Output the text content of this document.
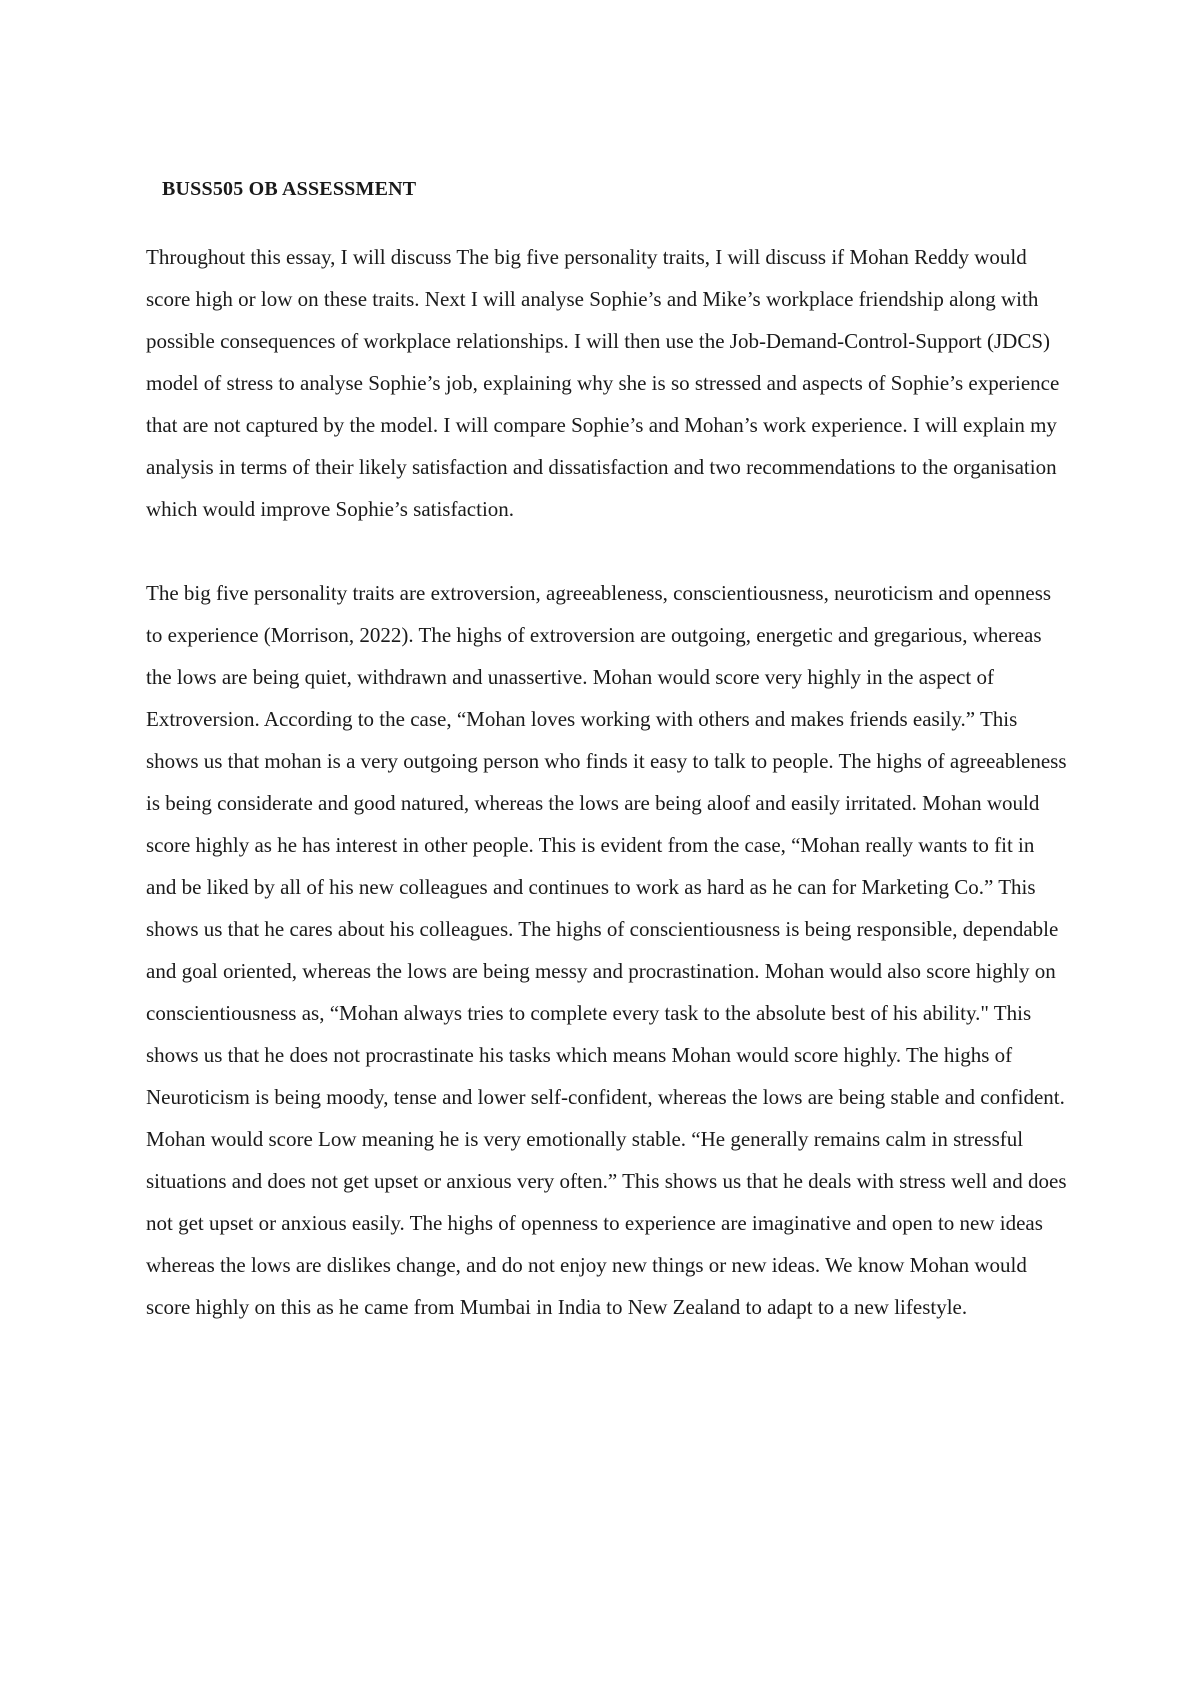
BUSS505 OB ASSESSMENT

Throughout this essay, I will discuss The big five personality traits, I will discuss if Mohan Reddy would score high or low on these traits. Next I will analyse Sophie’s and Mike’s workplace friendship along with possible consequences of workplace relationships. I will then use the Job-Demand-Control-Support (JDCS) model of stress to analyse Sophie’s job, explaining why she is so stressed and aspects of Sophie’s experience that are not captured by the model. I will compare Sophie’s and Mohan’s work experience. I will explain my analysis in terms of their likely satisfaction and dissatisfaction and two recommendations to the organisation which would improve Sophie’s satisfaction.

The big five personality traits are extroversion, agreeableness, conscientiousness, neuroticism and openness to experience (Morrison, 2022). The highs of extroversion are outgoing, energetic and gregarious, whereas the lows are being quiet, withdrawn and unassertive. Mohan would score very highly in the aspect of Extroversion. According to the case, “Mohan loves working with others and makes friends easily.” This shows us that mohan is a very outgoing person who finds it easy to talk to people. The highs of agreeableness is being considerate and good natured, whereas the lows are being aloof and easily irritated. Mohan would score highly as he has interest in other people. This is evident from the case, “Mohan really wants to fit in and be liked by all of his new colleagues and continues to work as hard as he can for Marketing Co.” This shows us that he cares about his colleagues. The highs of conscientiousness is being responsible, dependable and goal oriented, whereas the lows are being messy and procrastination. Mohan would also score highly on conscientiousness as, “Mohan always tries to complete every task to the absolute best of his ability." This shows us that he does not procrastinate his tasks which means Mohan would score highly. The highs of Neuroticism is being moody, tense and lower self-confident, whereas the lows are being stable and confident. Mohan would score Low meaning he is very emotionally stable. “He generally remains calm in stressful situations and does not get upset or anxious very often.” This shows us that he deals with stress well and does not get upset or anxious easily. The highs of openness to experience are imaginative and open to new ideas whereas the lows are dislikes change, and do not enjoy new things or new ideas. We know Mohan would score highly on this as he came from Mumbai in India to New Zealand to adapt to a new lifestyle.
